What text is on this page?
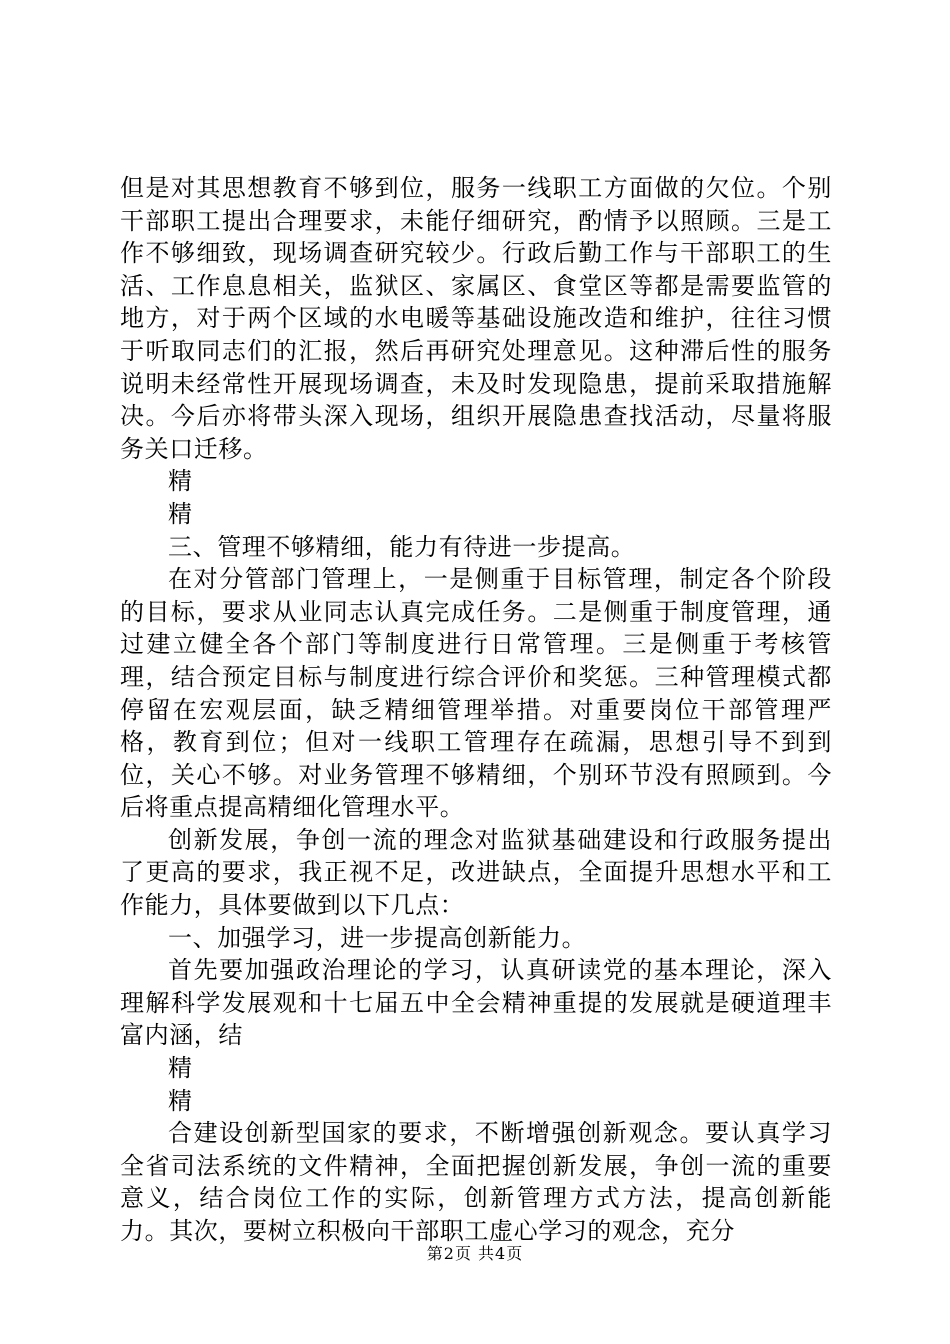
但是对其思想教育不够到位，服务一线职工方面做的欠位。个别干部职工提出合理要求，未能仔细研究，酌情予以照顾。三是工作不够细致，现场调查研究较少。行政后勤工作与干部职工的生活、工作息息相关，监狱区、家属区、食堂区等都是需要监管的地方，对于两个区域的水电暖等基础设施改造和维护，往往习惯于听取同志们的汇报，然后再研究处理意见。这种滞后性的服务说明未经常性开展现场调查，未及时发现隐患，提前采取措施解决。今后亦将带头深入现场，组织开展隐患查找活动，尽量将服务关口迁移。

精

精

三、管理不够精细，能力有待进一步提高。

在对分管部门管理上，一是侧重于目标管理，制定各个阶段的目标，要求从业同志认真完成任务。二是侧重于制度管理，通过建立健全各个部门等制度进行日常管理。三是侧重于考核管理，结合预定目标与制度进行综合评价和奖惩。三种管理模式都停留在宏观层面，缺乏精细管理举措。对重要岗位干部管理严格，教育到位；但对一线职工管理存在疏漏，思想引导不到到位，关心不够。对业务管理不够精细，个别环节没有照顾到。今后将重点提高精细化管理水平。

创新发展，争创一流的理念对监狱基础建设和行政服务提出了更高的要求，我正视不足，改进缺点，全面提升思想水平和工作能力，具体要做到以下几点：

一、加强学习，进一步提高创新能力。

首先要加强政治理论的学习，认真研读党的基本理论，深入理解科学发展观和十七届五中全会精神重提的发展就是硬道理丰富内涵，结

精

精

合建设创新型国家的要求，不断增强创新观念。要认真学习全省司法系统的文件精神，全面把握创新发展，争创一流的重要意义，结合岗位工作的实际，创新管理方式方法，提高创新能力。其次，要树立积极向干部职工虚心学习的观念，充分

第2页 共4页
